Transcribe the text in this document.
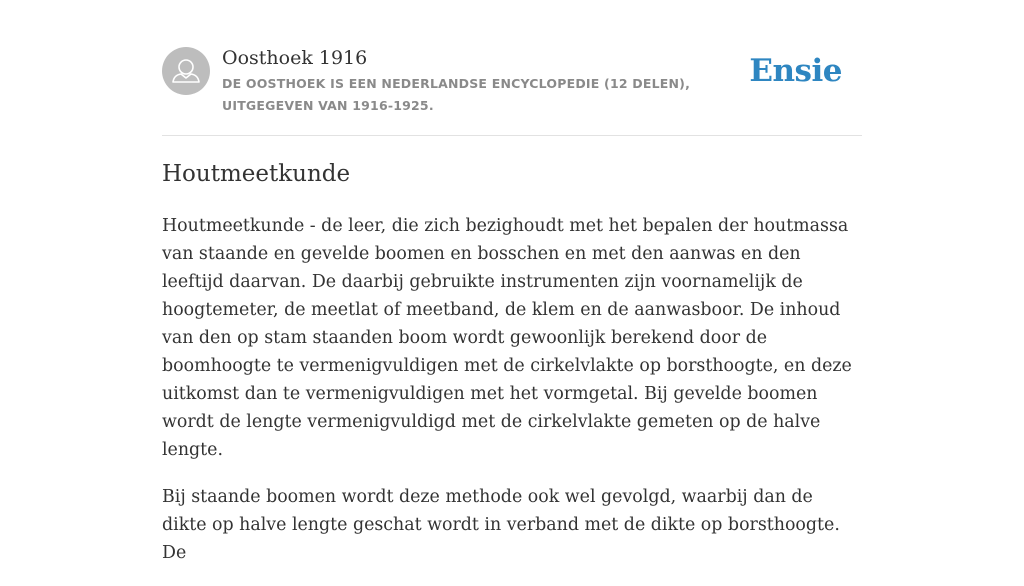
Oosthoek 1916
DE OOSTHOEK IS EEN NEDERLANDSE ENCYCLOPEDIE (12 DELEN), UITGEGEVEN VAN 1916-1925.
Ensie
Houtmeetkunde

Houtmeetkunde - de leer, die zich bezighoudt met het bepalen der houtmassa van staande en gevelde boomen en bosschen en met den aanwas en den leeftijd daarvan. De daarbij gebruikte instrumenten zijn voornamelijk de hoogtemeter, de meetlat of meetband, de klem en de aanwasboor. De inhoud van den op stam staanden boom wordt gewoonlijk berekend door de boomhoogte te vermenigvuldigen met de cirkelvlakte op borsthoogte, en deze uitkomst dan te vermenigvuldigen met het vormgetal. Bij gevelde boomen wordt de lengte vermenigvuldigd met de cirkelvlakte gemeten op de halve lengte.

Bij staande boomen wordt deze methode ook wel gevolgd, waarbij dan de dikte op halve lengte geschat wordt in verband met de dikte op borsthoogte. De
